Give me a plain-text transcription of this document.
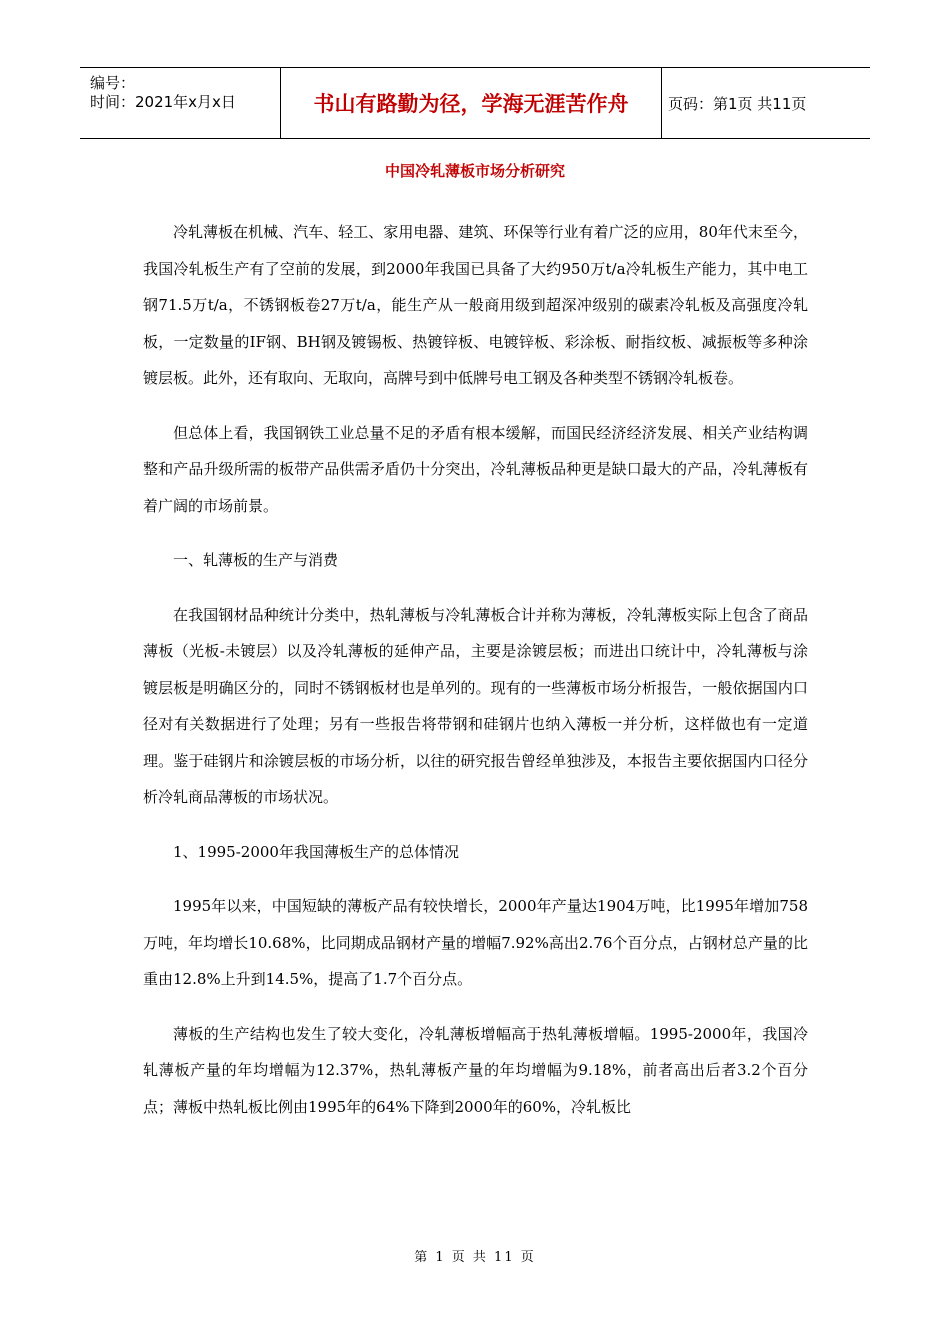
编号：
时间：2021年x月x日	书山有路勤为径，学海无涯苦作舟	页码：第1页 共11页
中国冷轧薄板市场分析研究

冷轧薄板在机械、汽车、轻工、家用电器、建筑、环保等行业有着广泛的应用，80年代末至今，我国冷轧板生产有了空前的发展，到2000年我国已具备了大约950万t/a冷轧板生产能力，其中电工钢71.5万t/a，不锈钢板卷27万t/a，能生产从一般商用级到超深冲级别的碳素冷轧板及高强度冷轧板，一定数量的IF钢、BH钢及镀锡板、热镀锌板、电镀锌板、彩涂板、耐指纹板、减振板等多种涂镀层板。此外，还有取向、无取向，高牌号到中低牌号电工钢及各种类型不锈钢冷轧板卷。

但总体上看，我国钢铁工业总量不足的矛盾有根本缓解，而国民经济经济发展、相关产业结构调整和产品升级所需的板带产品供需矛盾仍十分突出，冷轧薄板品种更是缺口最大的产品，冷轧薄板有着广阔的市场前景。

一、轧薄板的生产与消费

在我国钢材品种统计分类中，热轧薄板与冷轧薄板合计并称为薄板，冷轧薄板实际上包含了商品薄板（光板-未镀层）以及冷轧薄板的延伸产品，主要是涂镀层板；而进出口统计中，冷轧薄板与涂镀层板是明确区分的，同时不锈钢板材也是单列的。现有的一些薄板市场分析报告，一般依据国内口径对有关数据进行了处理；另有一些报告将带钢和硅钢片也纳入薄板一并分析，这样做也有一定道理。鉴于硅钢片和涂镀层板的市场分析，以往的研究报告曾经单独涉及，本报告主要依据国内口径分析冷轧商品薄板的市场状况。

1、1995-2000年我国薄板生产的总体情况

1995年以来，中国短缺的薄板产品有较快增长，2000年产量达1904万吨，比1995年增加758万吨，年均增长10.68%，比同期成品钢材产量的增幅7.92%高出2.76个百分点，占钢材总产量的比重由12.8%上升到14.5%，提高了1.7个百分点。

薄板的生产结构也发生了较大变化，冷轧薄板增幅高于热轧薄板增幅。1995-2000年，我国冷轧薄板产量的年均增幅为12.37%，热轧薄板产量的年均增幅为9.18%，前者高出后者3.2个百分点；薄板中热轧板比例由1995年的64%下降到2000年的60%，冷轧板比

第 1 页 共 11 页
